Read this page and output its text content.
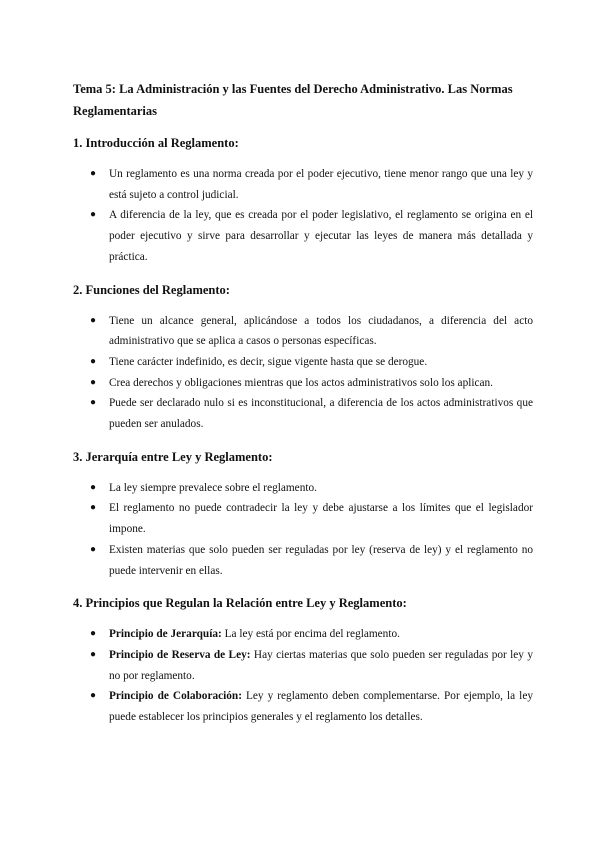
Tema 5: La Administración y las Fuentes del Derecho Administrativo. Las Normas Reglamentarias
1. Introducción al Reglamento:
● Un reglamento es una norma creada por el poder ejecutivo, tiene menor rango que una ley y está sujeto a control judicial.
● A diferencia de la ley, que es creada por el poder legislativo, el reglamento se origina en el poder ejecutivo y sirve para desarrollar y ejecutar las leyes de manera más detallada y práctica.
2. Funciones del Reglamento:
● Tiene un alcance general, aplicándose a todos los ciudadanos, a diferencia del acto administrativo que se aplica a casos o personas específicas.
● Tiene carácter indefinido, es decir, sigue vigente hasta que se derogue.
● Crea derechos y obligaciones mientras que los actos administrativos solo los aplican.
● Puede ser declarado nulo si es inconstitucional, a diferencia de los actos administrativos que pueden ser anulados.
3. Jerarquía entre Ley y Reglamento:
● La ley siempre prevalece sobre el reglamento.
● El reglamento no puede contradecir la ley y debe ajustarse a los límites que el legislador impone.
● Existen materias que solo pueden ser reguladas por ley (reserva de ley) y el reglamento no puede intervenir en ellas.
4. Principios que Regulan la Relación entre Ley y Reglamento:
● Principio de Jerarquía: La ley está por encima del reglamento.
● Principio de Reserva de Ley: Hay ciertas materias que solo pueden ser reguladas por ley y no por reglamento.
● Principio de Colaboración: Ley y reglamento deben complementarse. Por ejemplo, la ley puede establecer los principios generales y el reglamento los detalles.
